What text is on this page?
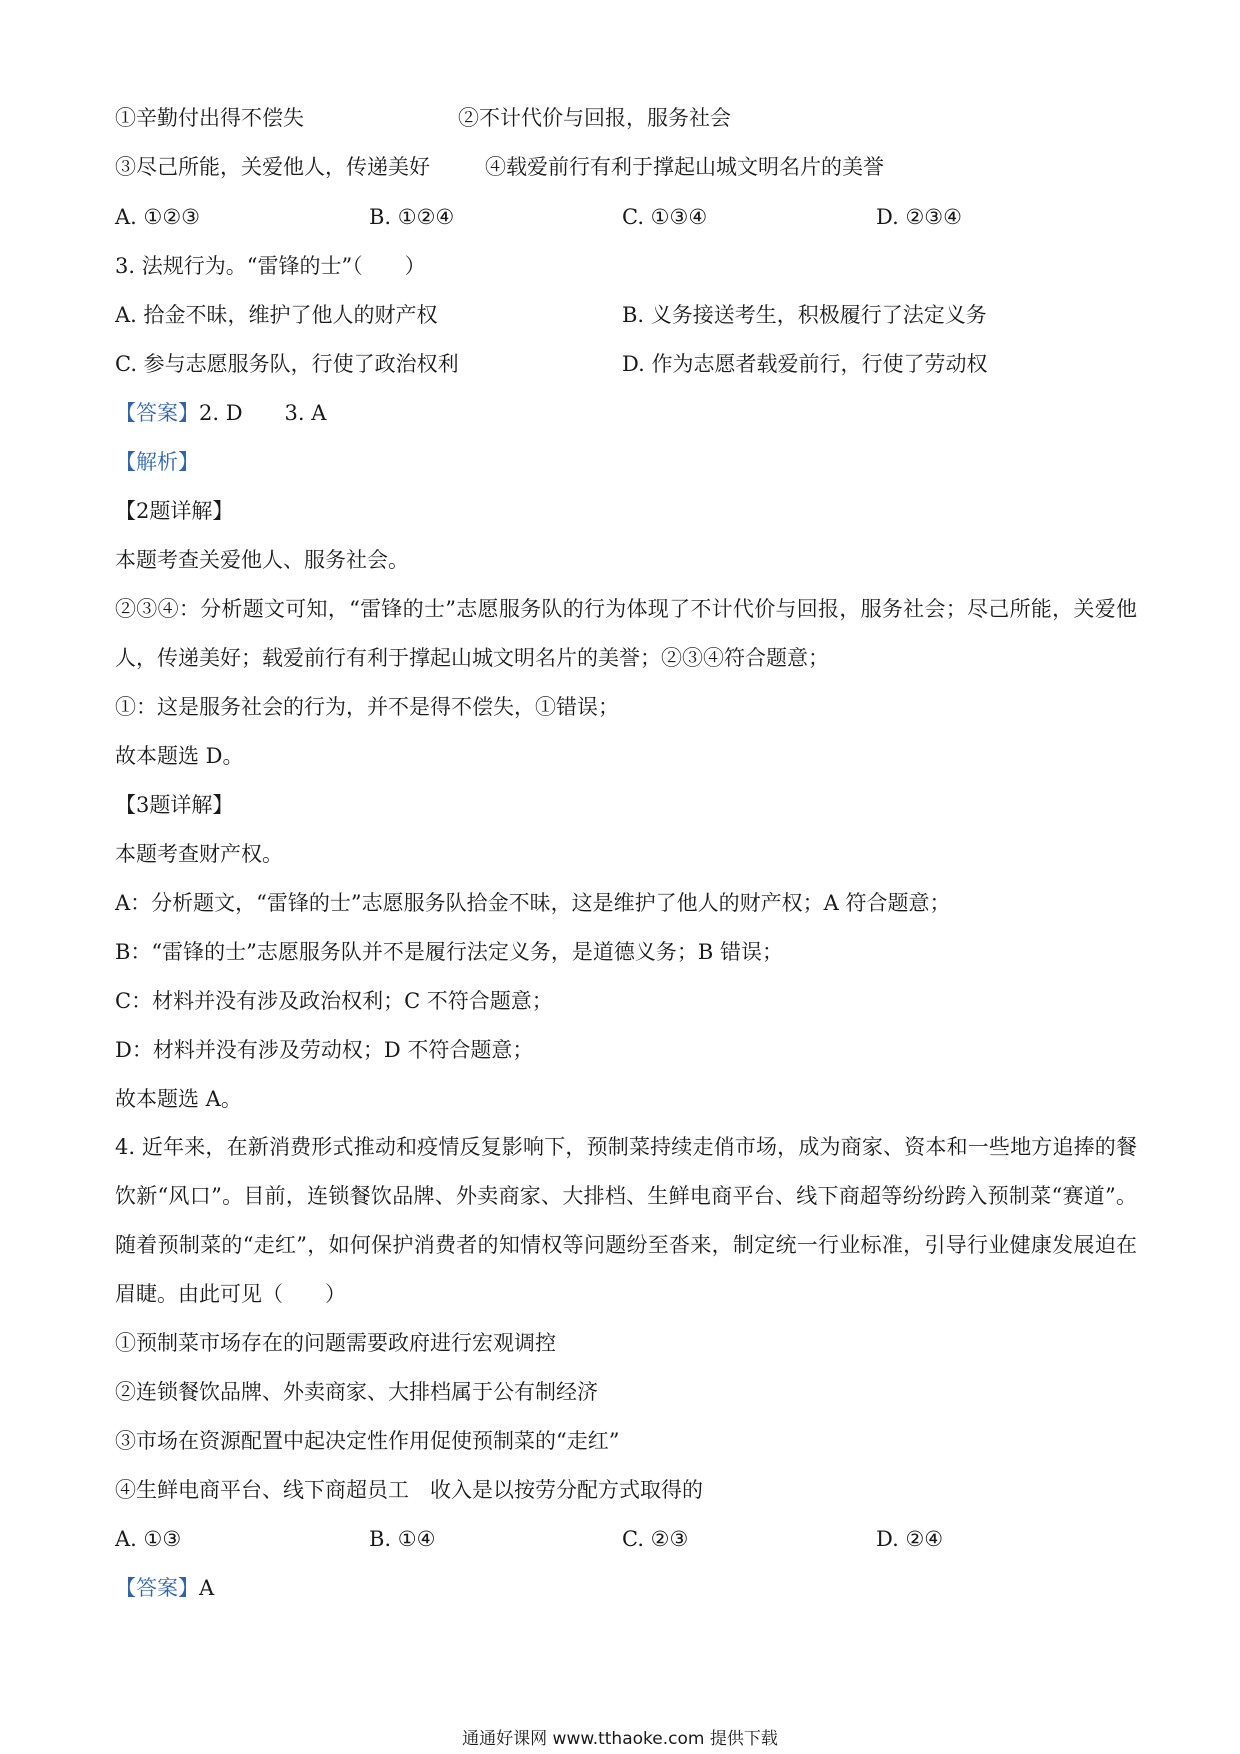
①辛勤付出得不偿失	②不计代价与回报，服务社会
③尽己所能，关爱他人，传递美好	④载爱前行有利于撑起山城文明名片的美誉
A. ①②③	B. ①②④	C. ①③④	D. ②③④
3. 法规行为。“雷锋的士”（　　）
A. 拾金不昧，维护了他人的财产权	B. 义务接送考生，积极履行了法定义务
C. 参与志愿服务队，行使了政治权利	D. 作为志愿者载爱前行，行使了劳动权
【答案】2. D　　3. A
【解析】
【2题详解】
本题考查关爱他人、服务社会。
②③④：分析题文可知，“雷锋的士”志愿服务队的行为体现了不计代价与回报，服务社会；尽己所能，关爱他人，传递美好；载爱前行有利于撑起山城文明名片的美誉；②③④符合题意；
①：这是服务社会的行为，并不是得不偿失，①错误；
故本题选 D。
【3题详解】
本题考查财产权。
A：分析题文，“雷锋的士”志愿服务队拾金不昧，这是维护了他人的财产权；A 符合题意；
B：“雷锋的士”志愿服务队并不是履行法定义务，是道德义务；B 错误；
C：材料并没有涉及政治权利；C 不符合题意；
D：材料并没有涉及劳动权；D 不符合题意；
故本题选 A。
4. 近年来，在新消费形式推动和疫情反复影响下，预制菜持续走俏市场，成为商家、资本和一些地方追捧的餐饮新“风口”。目前，连锁餐饮品牌、外卖商家、大排档、生鲜电商平台、线下商超等纷纷跨入预制菜“赛道”。随着预制菜的“走红”，如何保护消费者的知情权等问题纷至沓来，制定统一行业标准，引导行业健康发展迫在眉睫。由此可见（　　）
①预制菜市场存在的问题需要政府进行宏观调控
②连锁餐饮品牌、外卖商家、大排档属于公有制经济
③市场在资源配置中起决定性作用促使预制菜的“走红”
④生鲜电商平台、线下商超员工　收入是以按劳分配方式取得的
A. ①③	B. ①④	C. ②③	D. ②④
【答案】A
通通好课网 www.tthaoke.com 提供下载
